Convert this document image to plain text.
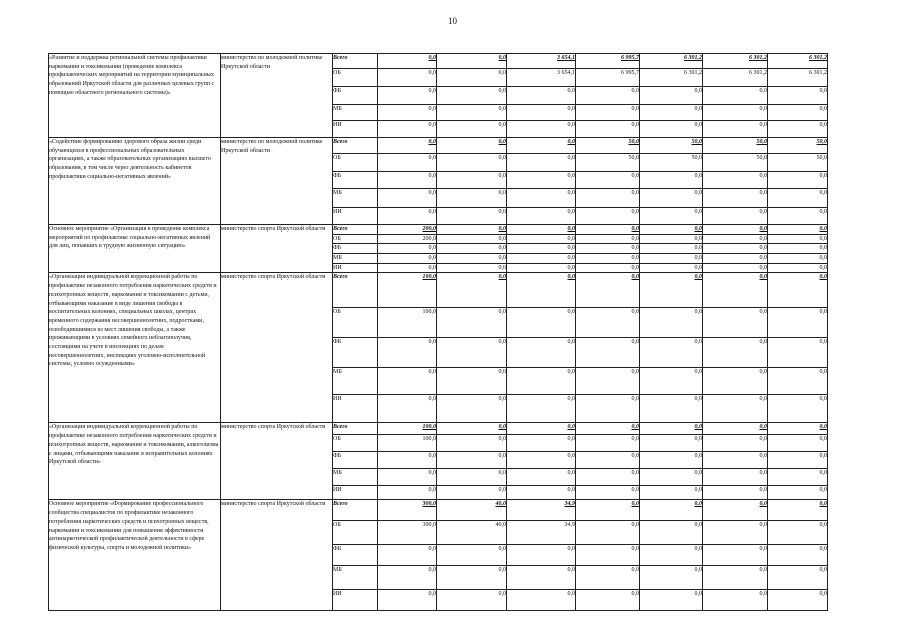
10
«Развитие и поддержка региональной системы профилактики наркомании и токсикомании (проведение комплекса профилактических мероприятий на территории муниципальных образований Иркутской области для различных целевых групп с помощью областного регионального системы)»	министерство по молодежной политике Иркутской области	Всего	0,0	0,0	3 654,1	6 995,7	6 301,2	6 301,2	6 301,2
		ОБ	0,0	0,0	3 654,1	6 995,7	6 301,2	6 301,2	6 301,2
		ФБ	0,0	0,0	0,0	0,0	0,0	0,0	0,0
		МБ	0,0	0,0	0,0	0,0	0,0	0,0	0,0
		ИИ	0,0	0,0	0,0	0,0	0,0	0,0	0,0
«Содействие формированию здорового образа жизни среди обучающихся в профессиональных образовательных организациях, а также образовательных организациях высшего образования, в том числе через деятельность кабинетов профилактики социально-негативных явлений»	министерство по молодежной политике Иркутской области	Всего	0,0	0,0	0,0	50,0	50,0	50,0	50,0
		ОБ	0,0	0,0	0,0	50,0	50,0	50,0	50,0
		ФБ	0,0	0,0	0,0	0,0	0,0	0,0	0,0
		МБ	0,0	0,0	0,0	0,0	0,0	0,0	0,0
		ИИ	0,0	0,0	0,0	0,0	0,0	0,0	0,0
Основное мероприятие «Организация в проведение комплекса мероприятий по профилактике социально-негативных явлений для лиц, попавших в трудную жизненную ситуацию»	министерство спорта Иркутской области	Всего	200,0	0,0	0,0	0,0	0,0	0,0	0,0
		ОБ	200,0	0,0	0,0	0,0	0,0	0,0	0,0
		ФБ	0,0	0,0	0,0	0,0	0,0	0,0	0,0
		МБ	0,0	0,0	0,0	0,0	0,0	0,0	0,0
		ИИ	0,0	0,0	0,0	0,0	0,0	0,0	0,0
«Организация индивидуальной коррекционной работы по профилактике незаконного потребления наркотических средств и психотропных веществ, наркомании и токсикомании с детьми, отбывающими наказание в виде лишения свободы в воспитательных колониях, специальных школах, центрах временного содержания несовершеннолетних, подростками, освободившимися из мест лишения свободы, а также проживающими в условиях семейного неблагополучия, состоящими на учете в инспекциях по делам несовершеннолетних, инспекциях уголовно-исполнительной системы, условно осужденными»	министерство спорта Иркутской области	Всего	100,0	0,0	0,0	0,0	0,0	0,0	0,0
		ОБ	100,0	0,0	0,0	0,0	0,0	0,0	0,0
		ФБ	0,0	0,0	0,0	0,0	0,0	0,0	0,0
		МБ	0,0	0,0	0,0	0,0	0,0	0,0	0,0
		ИИ	0,0	0,0	0,0	0,0	0,0	0,0	0,0
«Организация индивидуальной коррекционной работы по профилактике незаконного потребления наркотических средств и психотропных веществ, наркомании и токсикомании, алкоголизма с лицами, отбывающими наказание в исправительных колониях Иркутской области»	министерство спорта Иркутской области	Всего	100,0	0,0	0,0	0,0	0,0	0,0	0,0
		ОБ	100,0	0,0	0,0	0,0	0,0	0,0	0,0
		ФБ	0,0	0,0	0,0	0,0	0,0	0,0	0,0
		МБ	0,0	0,0	0,0	0,0	0,0	0,0	0,0
		ИИ	0,0	0,0	0,0	0,0	0,0	0,0	0,0
Основное мероприятие «Формирование профессионального сообщества специалистов по профилактике незаконного потребления наркотических средств и психотропных веществ, наркомании и токсикомании для повышения эффективности антинаркотической профилактической деятельности в сфере физической культуры, спорта и молодежной политики»	министерство спорта Иркутской области	Всего	300,0	40,0	34,9	0,0	0,0	0,0	0,0
		ОБ	300,0	40,0	34,9	0,0	0,0	0,0	0,0
		ФБ	0,0	0,0	0,0	0,0	0,0	0,0	0,0
		МБ	0,0	0,0	0,0	0,0	0,0	0,0	0,0
		ИИ	0,0	0,0	0,0	0,0	0,0	0,0	0,0
